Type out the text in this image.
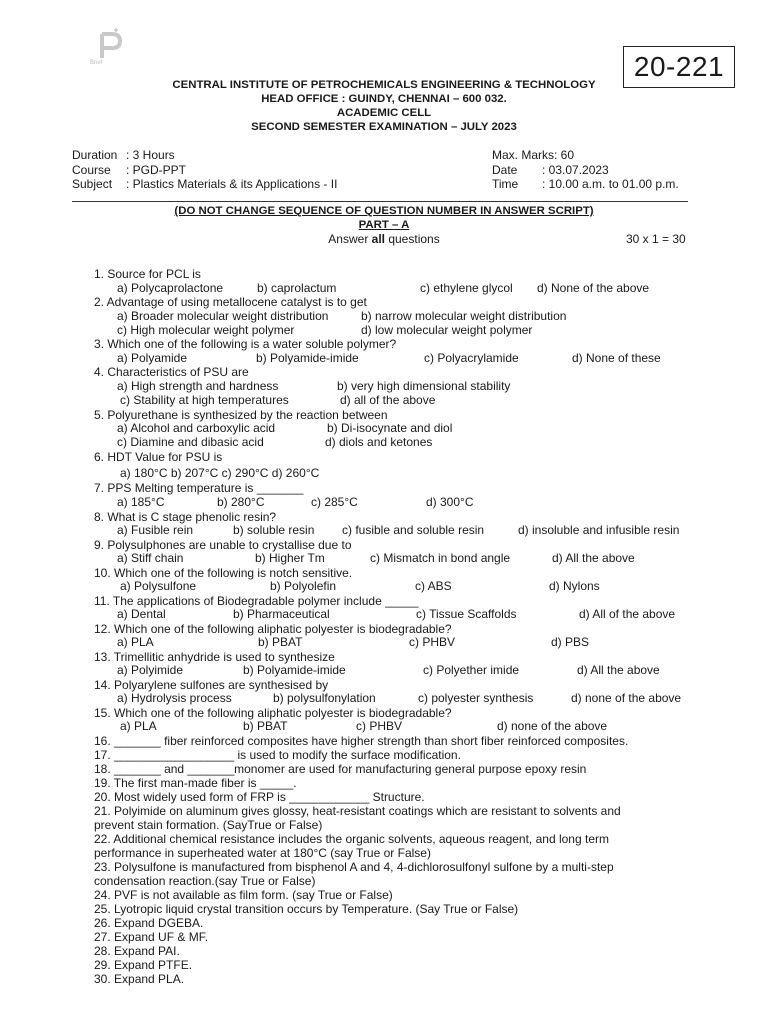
Brief	20-221
CENTRAL INSTITUTE OF PETROCHEMICALS ENGINEERING & TECHNOLOGY
HEAD OFFICE : GUINDY, CHENNAI – 600 032.
ACADEMIC CELL
SECOND SEMESTER EXAMINATION – JULY 2023
Duration : 3 Hours
Course	: PGD-PPT
Subject	: Plastics Materials & its Applications - II
Max. Marks: 60
Date	: 03.07.2023
Time	: 10.00 a.m. to 01.00 p.m.
(DO NOT CHANGE SEQUENCE OF QUESTION NUMBER IN ANSWER SCRIPT)
PART – A
Answer all questions	30 x 1 = 30
1. Source for PCL is
2. Advantage of using metallocene catalyst is to get
3. Which one of the following is a water soluble polymer?
4. Characteristics of PSU are
5. Polyurethane is synthesized by the reaction between
6. HDT Value for PSU is
7. PPS Melting temperature is _______
8. What is C stage phenolic resin?
9. Polysulphones are unable to crystallise due to
10. Which one of the following is notch sensitive.
11. The applications of Biodegradable polymer include _____
12. Which one of the following aliphatic polyester is biodegradable?
13. Trimellitic anhydride is used to synthesize
14. Polyarylene sulfones are synthesised by
15. Which one of the following aliphatic polyester is biodegradable?
16. _______ fiber reinforced composites have higher strength than short fiber reinforced composites.
17. __________________ is used to modify the surface modification.
18. _______ and _______monomer are used for manufacturing general purpose epoxy resin
19. The first man-made fiber is _____.
20. Most widely used form of FRP is ____________ Structure.
21. Polyimide on aluminum gives glossy, heat-resistant coatings which are resistant to solvents and
prevent stain formation. (SayTrue or False)
22. Additional chemical resistance includes the organic solvents, aqueous reagent, and long term
performance in superheated water at 180°C (say True or False)
23. Polysulfone is manufactured from bisphenol A and 4, 4-dichlorosulfonyl sulfone by a multi-step
condensation reaction.(say True or False)
24. PVF is not available as film form. (say True or False)
25. Lyotropic liquid crystal transition occurs by Temperature. (Say True or False)
26. Expand DGEBA.
27. Expand UF & MF.
28. Expand PAI.
29. Expand PTFE.
30. Expand PLA.
a) Polycaprolactone	b) caprolactum	c) ethylene glycol d) None of the above
a) Broader molecular weight distribution	b) narrow molecular weight distribution
c) High molecular weight polymer	d) low molecular weight polymer
a) Polyamide	b) Polyamide-imide	c) Polyacrylamide	d) None of these
a) High strength and hardness	b) very high dimensional stability
c) Stability at high temperatures	d) all of the above
a) Alcohol and carboxylic acid	b) Di-isocynate and diol
c) Diamine and dibasic acid	d) diols and ketones
a) 180°C b) 207°C c) 290°C d) 260°C
a) 185°C	b) 280°C	c) 285°C	d) 300°C
a) Fusible rein	b) soluble resin c) fusible and soluble resin	d) insoluble and infusible resin
a) Stiff chain	b) Higher Tm	c) Mismatch in bond angle	d) All the above
a) Polysulfone	b) Polyolefin	c) ABS	d) Nylons
a) Dental	b) Pharmaceutical	c) Tissue Scaffolds	d) All of the above
a) PLA	b) PBAT	c) PHBV	d) PBS
a) Polyimide	b) Polyamide-imide	c) Polyether imide	d) All the above
a) Hydrolysis process	b) polysulfonylation	c) polyester synthesis	d) none of the above
a) PLA	b) PBAT	c) PHBV	d) none of the above
